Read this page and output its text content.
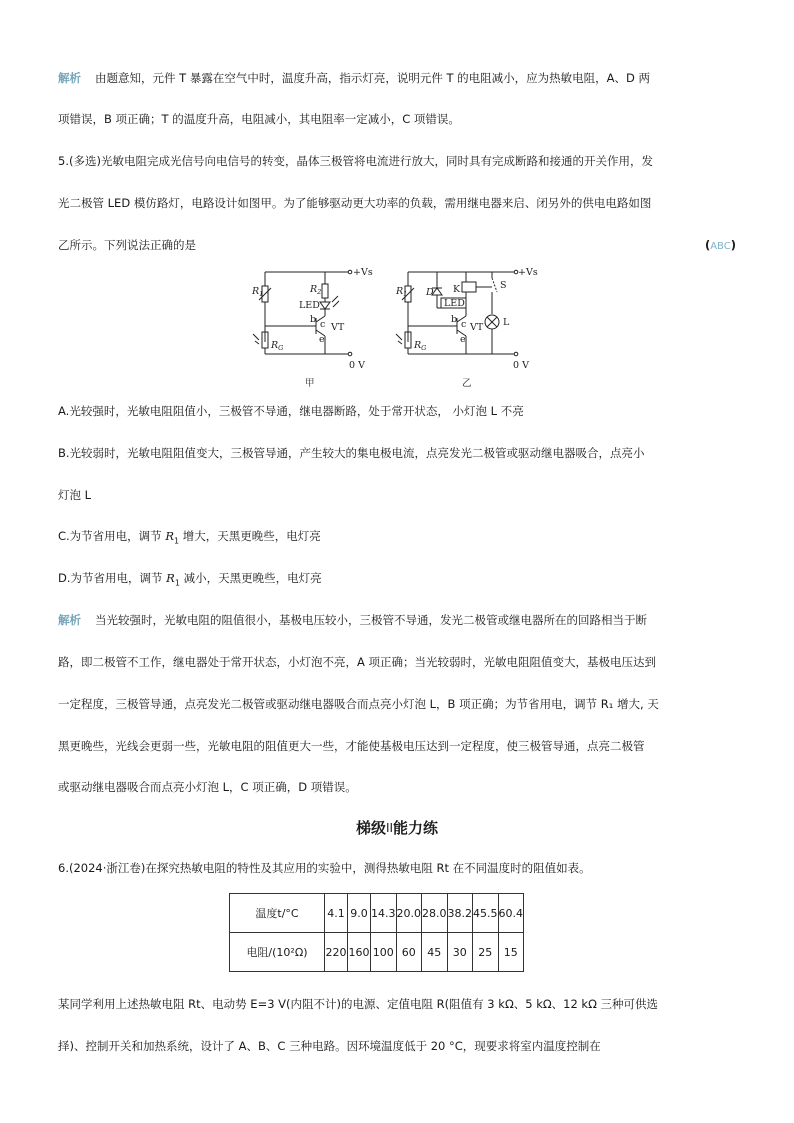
解析 由题意知，元件 T 暴露在空气中时，温度升高，指示灯亮，说明元件 T 的电阻减小，应为热敏电阻，A、D 两
项错误，B 项正确；T 的温度升高，电阻减小，其电阻率一定减小，C 项错误。
5.(多选)光敏电阻完成光信号向电信号的转变，晶体三极管将电流进行放大，同时具有完成断路和接通的开关作用，发
光二极管 LED 模仿路灯，电路设计如图甲。为了能够驱动更大功率的负载，需用继电器来启、闭另外的供电电路如图
乙所示。下列说法正确的是	(ABC)
+Vs
$R_1$
$R_G$
0 V
$R_2$
LED
b c
e
VT
甲
+Vs
$R_1$
$R_G$
0 V
D K
LED
S
L
b c
e
VT
乙
A.光较强时，光敏电阻阻值小，三极管不导通，继电器断路，处于常开状态， 小灯泡 L 不亮
B.光较弱时，光敏电阻阻值变大，三极管导通，产生较大的集电极电流，点亮发光二极管或驱动继电器吸合，点亮小
灯泡 L
C.为节省用电，调节 $R_1$ 增大，天黑更晚些，电灯亮
D.为节省用电，调节 $R_1$ 减小，天黑更晚些，电灯亮
解析 当光较强时，光敏电阻的阻值很小，基极电压较小，三极管不导通，发光二极管或继电器所在的回路相当于断
路，即二极管不工作，继电器处于常开状态，小灯泡不亮，A 项正确；当光较弱时，光敏电阻阻值变大，基极电压达到
一定程度，三极管导通，点亮发光二极管或驱动继电器吸合而点亮小灯泡 L，B 项正确；为节省用电，调节 R₁ 增大, 天
黑更晚些，光线会更弱一些，光敏电阻的阻值更大一些，才能使基极电压达到一定程度，使三极管导通，点亮二极管
或驱动继电器吸合而点亮小灯泡 L，C 项正确，D 项错误。
梯级$^{II}$能力练
6.(2024·浙江卷)在探究热敏电阻的特性及其应用的实验中，测得热敏电阻 Rt 在不同温度时的阻值如表。
温度t/°C	4.1	9.0	14.3	20.0	28.0	38.2	45.5	60.4
电阻/(10²Ω)	220	160	100	60	45	30	25	15
某同学利用上述热敏电阻 Rt、电动势 E=3 V(内阻不计)的电源、定值电阻 R(阻值有 3 kΩ、5 kΩ、12 kΩ 三种可供选
择)、控制开关和加热系统，设计了 A、B、C 三种电路。因环境温度低于 20 °C，现要求将室内温度控制在
